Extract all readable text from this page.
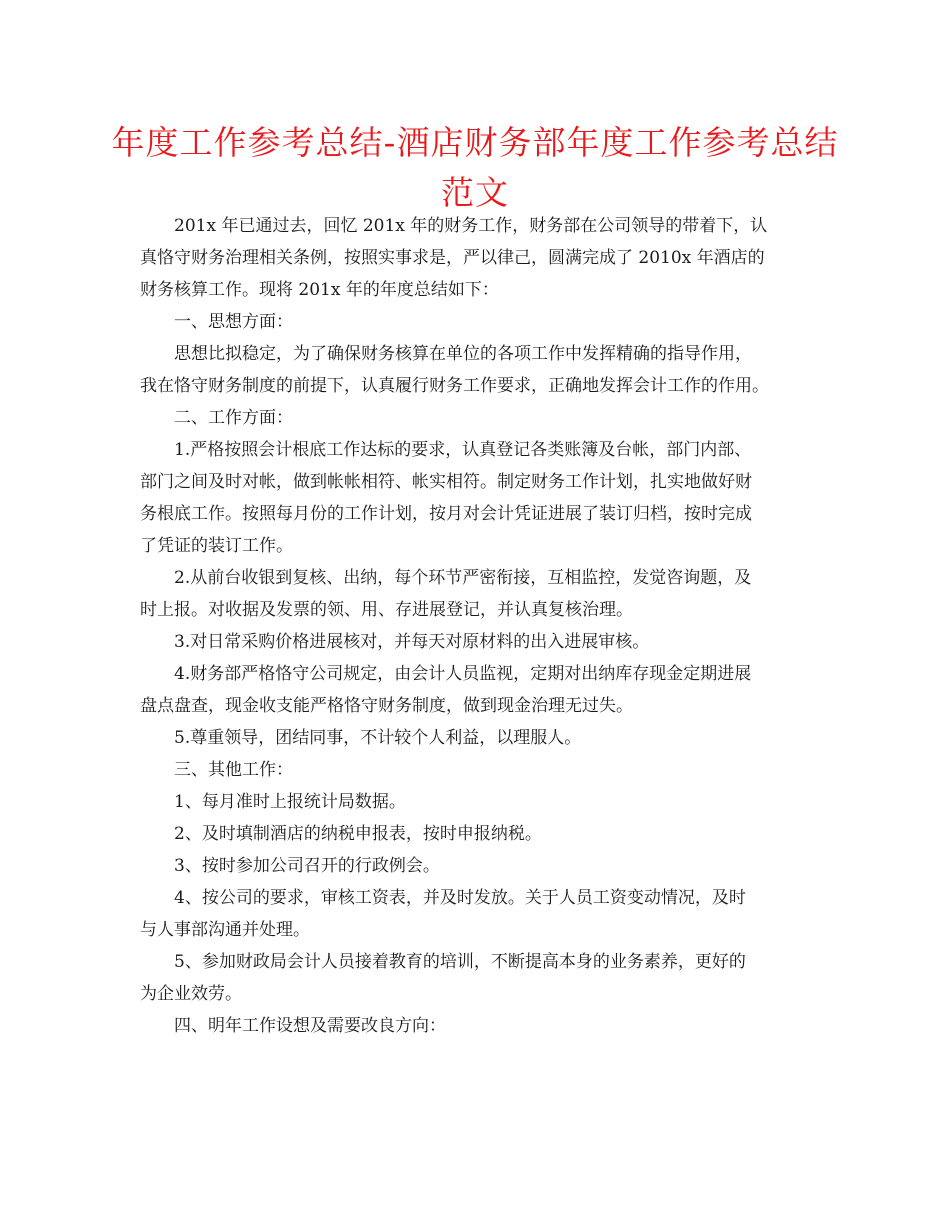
年度工作参考总结-酒店财务部年度工作参考总结
范文
201x 年已通过去，回忆 201x 年的财务工作，财务部在公司领导的带着下，认
真恪守财务治理相关条例，按照实事求是，严以律己，圆满完成了 2010x 年酒店的
财务核算工作。现将 201x 年的年度总结如下：
一、思想方面：
思想比拟稳定，为了确保财务核算在单位的各项工作中发挥精确的指导作用，
我在恪守财务制度的前提下，认真履行财务工作要求，正确地发挥会计工作的作用。
二、工作方面：
1.严格按照会计根底工作达标的要求，认真登记各类账簿及台帐，部门内部、
部门之间及时对帐，做到帐帐相符、帐实相符。制定财务工作计划，扎实地做好财
务根底工作。按照每月份的工作计划，按月对会计凭证进展了装订归档，按时完成
了凭证的装订工作。
2.从前台收银到复核、出纳，每个环节严密衔接，互相监控，发觉咨询题，及
时上报。对收据及发票的领、用、存进展登记，并认真复核治理。
3.对日常采购价格进展核对，并每天对原材料的出入进展审核。
4.财务部严格恪守公司规定，由会计人员监视，定期对出纳库存现金定期进展
盘点盘查，现金收支能严格恪守财务制度，做到现金治理无过失。
5.尊重领导，团结同事，不计较个人利益，以理服人。
三、其他工作：
1、每月准时上报统计局数据。
2、及时填制酒店的纳税申报表，按时申报纳税。
3、按时参加公司召开的行政例会。
4、按公司的要求，审核工资表，并及时发放。关于人员工资变动情况，及时
与人事部沟通并处理。
5、参加财政局会计人员接着教育的培训，不断提高本身的业务素养，更好的
为企业效劳。
四、明年工作设想及需要改良方向：
